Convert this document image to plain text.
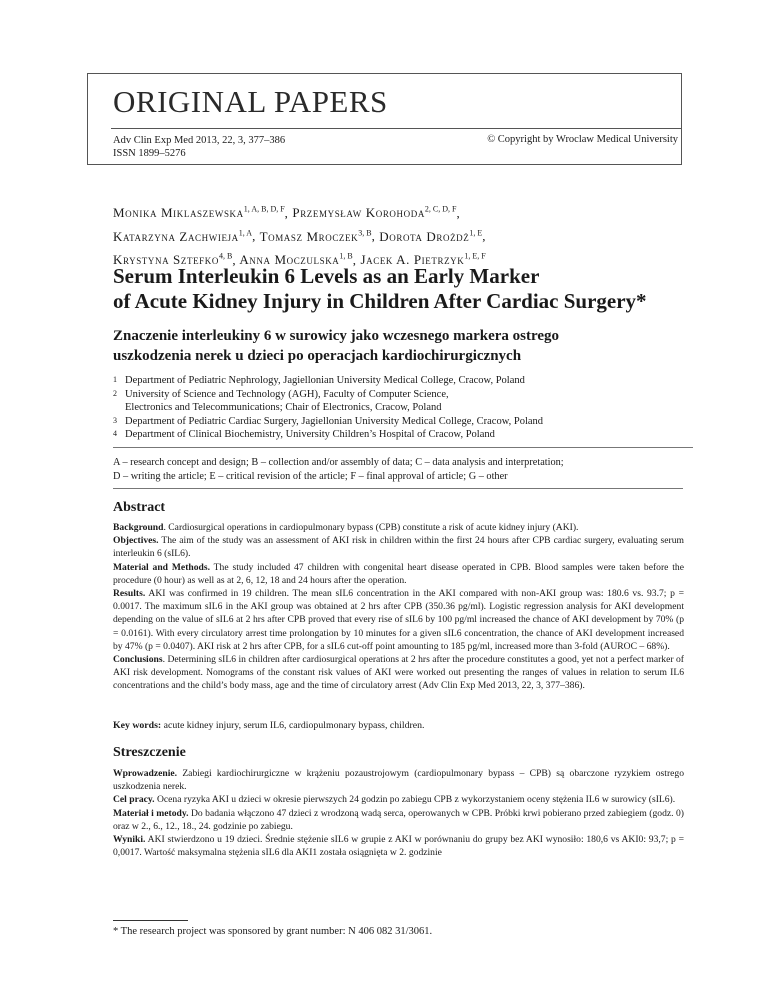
ORIGINAL PAPERS
Adv Clin Exp Med 2013, 22, 3, 377–386
ISSN 1899–5276
© Copyright by Wroclaw Medical University
Monika Miklaszewska$^{1, A, B, D, F}$, Przemysław Korohoda$^{2, C, D, F}$,
Katarzyna Zachwieja$^{1, A}$, Tomasz Mroczek$^{3, B}$, Dorota Drożdż$^{1, E}$,
Krystyna Sztefko$^{4, B}$, Anna Moczulska$^{1, B}$, Jacek A. Pietrzyk$^{1, E, F}$
Serum Interleukin 6 Levels as an Early Marker
of Acute Kidney Injury in Children After Cardiac Surgery*
Znaczenie interleukiny 6 w surowicy jako wczesnego markera ostrego
uszkodzenia nerek u dzieci po operacjach kardiochirurgicznych
1 Department of Pediatric Nephrology, Jagiellonian University Medical College, Cracow, Poland
2 University of Science and Technology (AGH), Faculty of Computer Science,
Electronics and Telecommunications; Chair of Electronics, Cracow, Poland
3 Department of Pediatric Cardiac Surgery, Jagiellonian University Medical College, Cracow, Poland
4 Department of Clinical Biochemistry, University Children’s Hospital of Cracow, Poland
A – research concept and design; B – collection and/or assembly of data; C – data analysis and interpretation;
D – writing the article; E – critical revision of the article; F – final approval of article; G – other
Abstract

Background. Cardiosurgical operations in cardiopulmonary bypass (CPB) constitute a risk of acute kidney injury (AKI).

Objectives. The aim of the study was an assessment of AKI risk in children within the first 24 hours after CPB cardiac surgery, evaluating serum interleukin 6 (sIL6).

Material and Methods. The study included 47 children with congenital heart disease operated in CPB. Blood samples were taken before the procedure (0 hour) as well as at 2, 6, 12, 18 and 24 hours after the operation.

Results. AKI was confirmed in 19 children. The mean sIL6 concentration in the AKI compared with non-AKI group was: 180.6 vs. 93.7; p = 0.0017. The maximum sIL6 in the AKI group was obtained at 2 hrs after CPB (350.36 pg/ml). Logistic regression analysis for AKI development depending on the value of sIL6 at 2 hrs after CPB proved that every rise of sIL6 by 100 pg/ml increased the chance of AKI development by 70% (p = 0.0161). With every circulatory arrest time prolongation by 10 minutes for a given sIL6 concentration, the chance of AKI development increased by 47% (p = 0.0407). AKI risk at 2 hrs after CPB, for a sIL6 cut-off point amounting to 185 pg/ml, increased more than 3-fold (AUROC – 68%).

Conclusions. Determining sIL6 in children after cardiosurgical operations at 2 hrs after the procedure constitutes a good, yet not a perfect marker of AKI risk development. Nomograms of the constant risk values of AKI were worked out presenting the ranges of values in relation to serum IL6 concentrations and the child’s body mass, age and the time of circulatory arrest (Adv Clin Exp Med 2013, 22, 3, 377–386).

Key words: acute kidney injury, serum IL6, cardiopulmonary bypass, children.
Streszczenie

Wprowadzenie. Zabiegi kardiochirurgiczne w krążeniu pozaustrojowym (cardiopulmonary bypass – CPB) są obarczone ryzykiem ostrego uszkodzenia nerek.

Cel pracy. Ocena ryzyka AKI u dzieci w okresie pierwszych 24 godzin po zabiegu CPB z wykorzystaniem oceny stężenia IL6 w surowicy (sIL6).

Materiał i metody. Do badania włączono 47 dzieci z wrodzoną wadą serca, operowanych w CPB. Próbki krwi pobierano przed zabiegiem (godz. 0) oraz w 2., 6., 12., 18., 24. godzinie po zabiegu.

Wyniki. AKI stwierdzono u 19 dzieci. Średnie stężenie sIL6 w grupie z AKI w porównaniu do grupy bez AKI wynosiło: 180,6 vs AKI0: 93,7; p = 0,0017. Wartość maksymalna stężenia sIL6 dla AKI1 została osiągnięta w 2. godzinie

* The research project was sponsored by grant number: N 406 082 31/3061.
